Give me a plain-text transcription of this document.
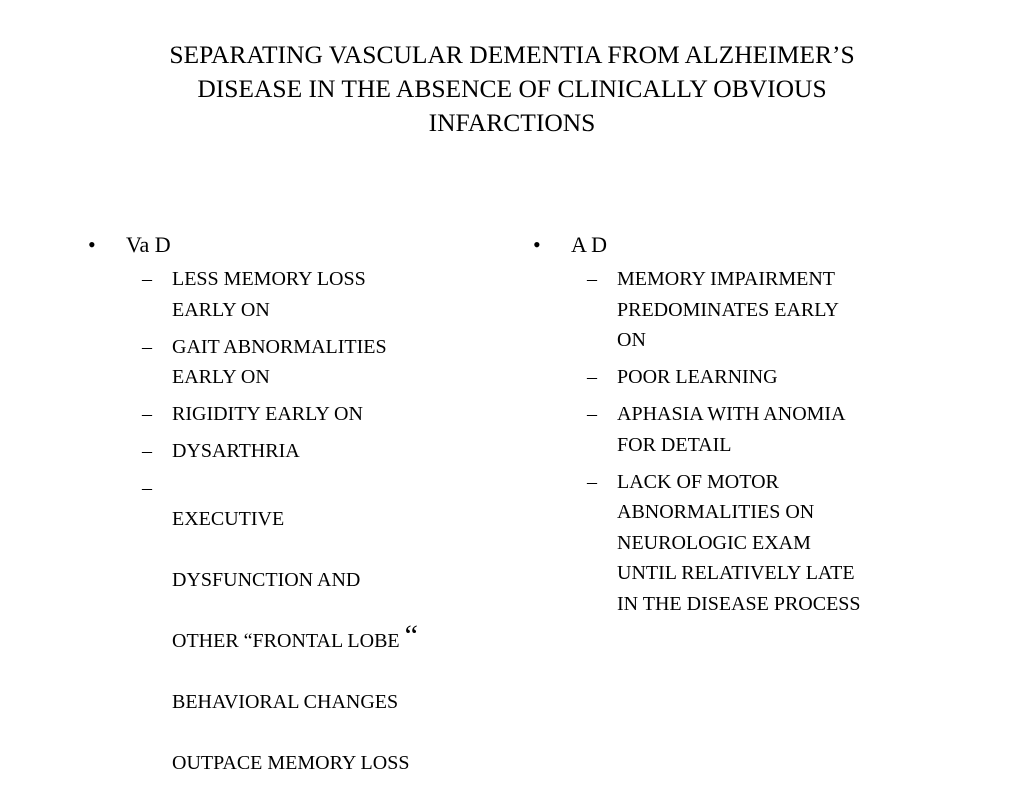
SEPARATING VASCULAR DEMENTIA FROM ALZHEIMER’S
DISEASE IN THE ABSENCE OF CLINICALLY OBVIOUS
INFARCTIONS
• Va D
– LESS MEMORY LOSS
EARLY ON
– GAIT ABNORMALITIES
EARLY ON
– RIGIDITY EARLY ON
– DYSARTHRIA
–

EXECUTIVE

DYSFUNCTION AND

OTHER “FRONTAL LOBE “

BEHAVIORAL CHANGES

OUTPACE MEMORY LOSS

• A D
– MEMORY IMPAIRMENT
PREDOMINATES EARLY
ON
– POOR LEARNING
– APHASIA WITH ANOMIA
FOR DETAIL
– LACK OF MOTOR
ABNORMALITIES ON
NEUROLOGIC EXAM
UNTIL RELATIVELY LATE
IN THE DISEASE PROCESS
